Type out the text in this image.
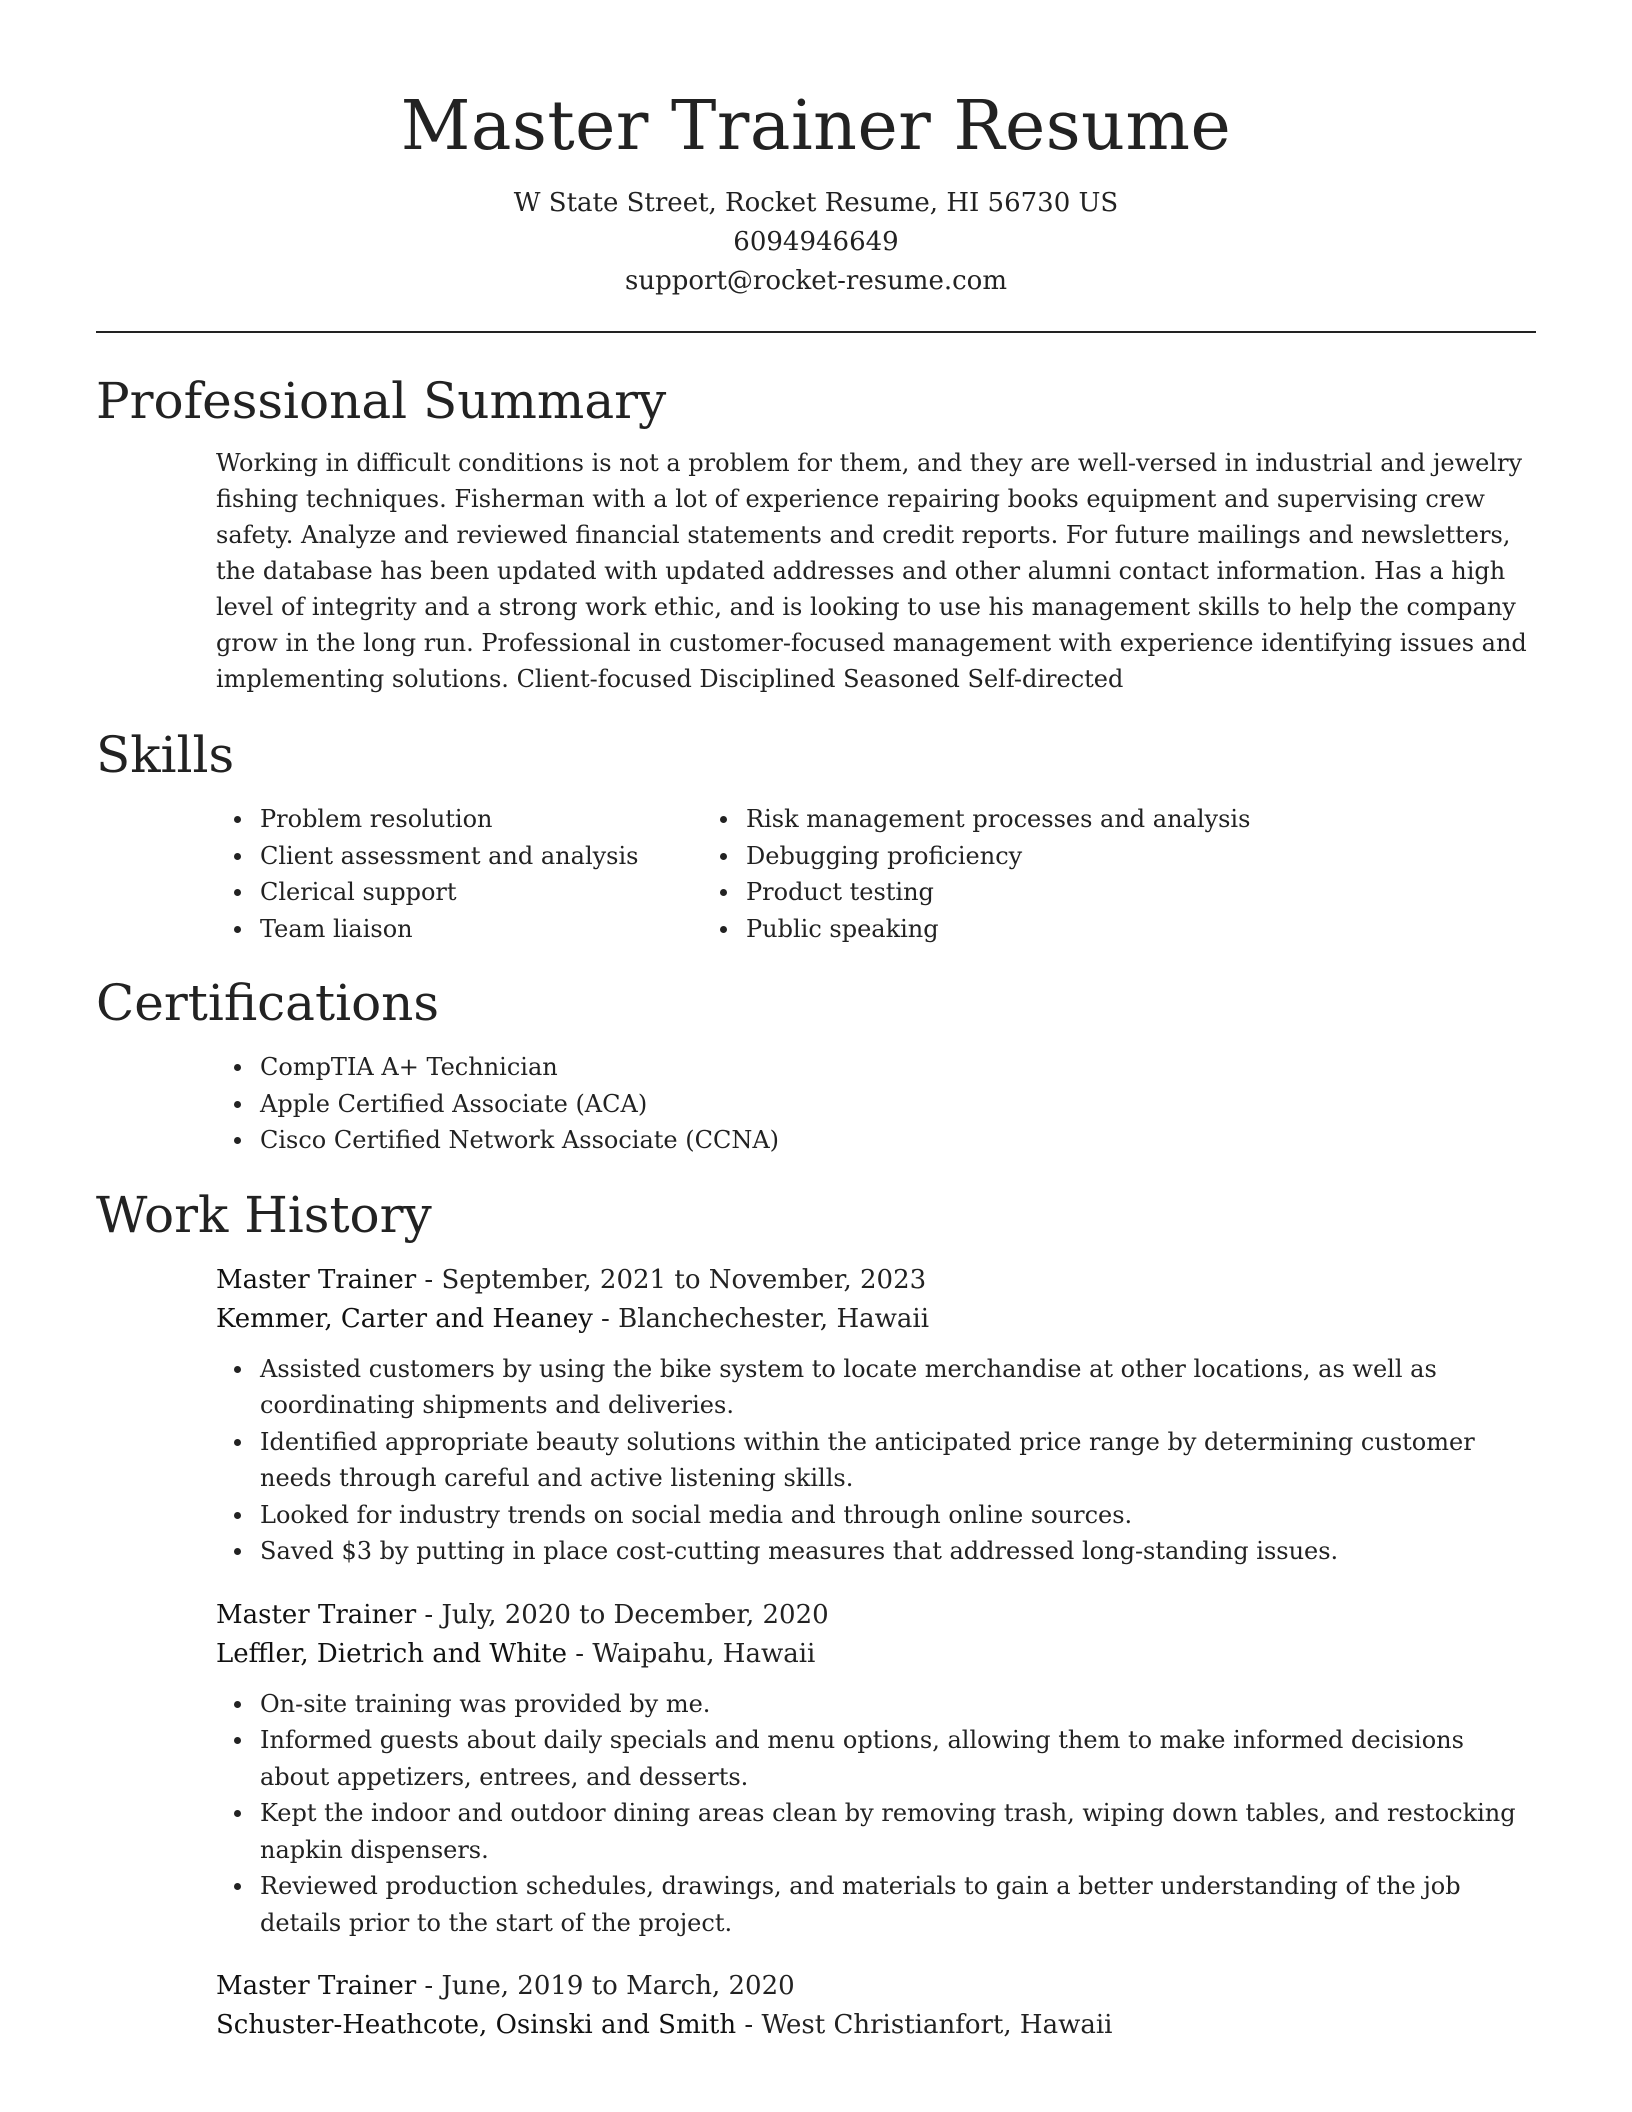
Master Trainer Resume
W State Street, Rocket Resume, HI 56730 US
6094946649
support@rocket-resume.com
Professional Summary

Working in difficult conditions is not a problem for them, and they are well-versed in industrial and jewelry fishing techniques. Fisherman with a lot of experience repairing books equipment and supervising crew safety. Analyze and reviewed financial statements and credit reports. For future mailings and newsletters, the database has been updated with updated addresses and other alumni contact information. Has a high level of integrity and a strong work ethic, and is looking to use his management skills to help the company grow in the long run. Professional in customer-focused management with experience identifying issues and implementing solutions. Client-focused Disciplined Seasoned Self-directed

Skills
Problem resolution
Client assessment and analysis
Clerical support
Team liaison
Risk management processes and analysis
Debugging proficiency
Product testing
Public speaking
Certifications
CompTIA A+ Technician
Apple Certified Associate (ACA)
Cisco Certified Network Associate (CCNA)
Work History
Master Trainer - September, 2021 to November, 2023
Kemmer, Carter and Heaney - Blanchechester, Hawaii
Assisted customers by using the bike system to locate merchandise at other locations, as well as coordinating shipments and deliveries.
Identified appropriate beauty solutions within the anticipated price range by determining customer needs through careful and active listening skills.
Looked for industry trends on social media and through online sources.
Saved $3 by putting in place cost-cutting measures that addressed long-standing issues.
Master Trainer - July, 2020 to December, 2020
Leffler, Dietrich and White - Waipahu, Hawaii
On-site training was provided by me.
Informed guests about daily specials and menu options, allowing them to make informed decisions about appetizers, entrees, and desserts.
Kept the indoor and outdoor dining areas clean by removing trash, wiping down tables, and restocking napkin dispensers.
Reviewed production schedules, drawings, and materials to gain a better understanding of the job details prior to the start of the project.
Master Trainer - June, 2019 to March, 2020
Schuster-Heathcote, Osinski and Smith - West Christianfort, Hawaii
